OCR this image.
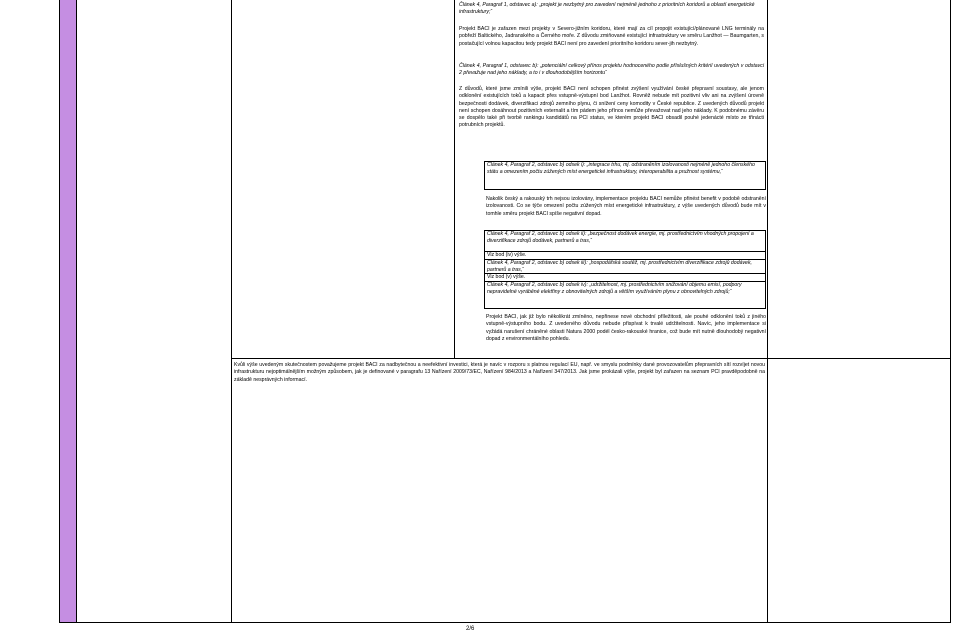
Článek 4, Paragraf 1, odstavec a): „projekt je nezbytný pro zavedení nejméně jednoho z prioritních koridorů a oblastí energetické infrastruktury;“

Projekt BACI je zařazen mezi projekty v Severo-jižním koridoru, které mají za cíl propojit existující/plánované LNG terminály na pobřeží Baltického, Jadranského a Černého moře. Z důvodu zmiňované existující infrastruktury ve směru Lanžhot — Baumgarten, s postačující volnou kapacitou tedy projekt BACI není pro zavedení prioritního koridoru sever-jih nezbytný.

Článek 4, Paragraf 1, odstavec b): „potenciální celkový přínos projektu hodnoceného podle příslušných kritérií uvedených v odstavci 2 převažuje nad jeho náklady, a to i v dlouhodobějším horizontu“

Z důvodů, které jsme zmínili výše, projekt BACI není schopen přinést zvýšení využívání české přepravní soustavy, ale jenom odklonění existujících toků a kapacit přes vstupně-výstupní bod Lanžhot. Rovněž nebude mít pozitivní vliv ani na zvýšení úrovně bezpečnosti dodávek, diverzifikaci zdrojů zemního plynu, či snížení ceny komodity v České republice. Z uvedených důvodů projekt není schopen dosáhnout pozitivních externalit a tím pádem jeho přínos nemůže převažovat nad jeho náklady. K podobnému závěru se dospělo také při tvorbě rankingu kandidátů na PCI status, ve kterém projekt BACI obsadil pouhé jedenácté místo ze třinácti potrubních projektů.

Článek 4, Paragraf 2, odstavec b) odsek i): „integrace trhu, mj. odstraněním izolovanosti nejméně jednoho členského státu a omezením počtu zúžených míst energetické infrastruktury, interoperabilita a pružnost systému,“

Nakolik český a rakouský trh nejsou izolovány, implementace projektu BACI nemůže přinést benefit v podobě odstranění izolovanosti. Co se týče omezení počtu zúžených míst energetické infrastruktury, z výše uvedených důvodů bude mít v tomhle směru projekt BACI spíše negativní dopad.

Článek 4, Paragraf 2, odstavec b) odsek ii): „bezpečnost dodávek energie, mj. prostřednictvím vhodných propojení a diverzifikace zdrojů dodávek, partnerů a tras,“
Viz bod (iv) výše.
Článek 4, Paragraf 2, odstavec b) odsek iii): „hospodářská soutěž, mj. prostřednictvím diverzifikace zdrojů dodávek, partnerů a tras,“
Viz bod (v) výše.
Článek 4, Paragraf 2, odstavec b) odsek iv): „udržitelnost, mj. prostřednictvím snižování objemu emisí, podpory nepravidelné vyráběné elektřiny z obnovitelných zdrojů a větším využíváním plynu z obnovitelných zdrojů;“

Projekt BACI, jak již bylo několikrát zmíněno, nepřinese nové obchodní příležitosti, ale pouhé odklonění toků z jiného vstupně-výstupního bodu. Z uvedeného důvodu nebude přispívat k trvalé udržitelnosti. Navíc, jeho implementace si vyžádá narušení chráněné oblasti Natura 2000 podél česko-rakouské hranice, což bude mít nutně dlouhodobý negativní dopad z environmentálního pohledu.

Kvůli výše uvedeným skutečnostem považujeme projekt BACI za nadbytečnou a neefektivní investici, která je navíc v rozporu s platnou regulací EU, např. ve smyslu podmínky dané provozovatelům přepravních sítí rozvíjet novou infrastrukturu nejoptimálnějším možným způsobem, jak je definované v paragrafu 13 Nařízení 2009/73/EC, Nařízení 984/2013 a Nařízení 347/2013. Jak jsme prokázali výše, projekt byl zařazen na seznam PCI pravděpodobně na základě nesprávných informací.

2/6
